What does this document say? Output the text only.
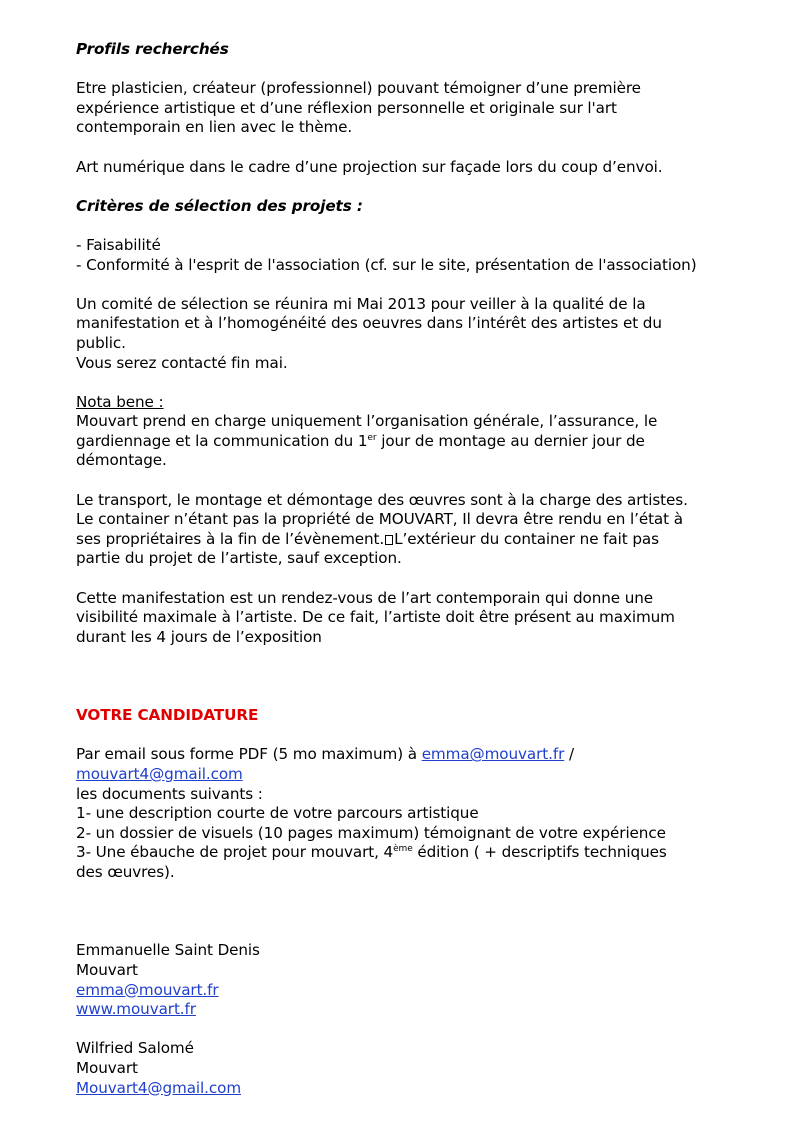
Profils recherchés

Etre plasticien, créateur (professionnel) pouvant témoigner d’une première
expérience artistique et d’une réflexion personnelle et originale sur l'art
contemporain en lien avec le thème.

Art numérique dans le cadre d’une projection sur façade lors du coup d’envoi.

Critères de sélection des projets :

- Faisabilité
- Conformité à l'esprit de l'association (cf. sur le site, présentation de l'association)

Un comité de sélection se réunira mi Mai 2013 pour veiller à la qualité de la
manifestation et à l’homogénéité des oeuvres dans l’intérêt des artistes et du
public.
Vous serez contacté fin mai.

Nota bene :

Mouvart prend en charge uniquement l’organisation générale, l’assurance, le
gardiennage et la communication du 1er jour de montage au dernier jour de
démontage.

Le transport, le montage et démontage des œuvres sont à la charge des artistes.
Le container n’étant pas la propriété de MOUVART, Il devra être rendu en l’état à
ses propriétaires à la fin de l’évènement. L’extérieur du container ne fait pas
partie du projet de l’artiste, sauf exception.

Cette manifestation est un rendez-vous de l’art contemporain qui donne une
visibilité maximale à l’artiste. De ce fait, l’artiste doit être présent au maximum
durant les 4 jours de l’exposition

VOTRE CANDIDATURE

Par email sous forme PDF (5 mo maximum) à emma@mouvart.fr /
mouvart4@gmail.com
les documents suivants :
1- une description courte de votre parcours artistique
2- un dossier de visuels (10 pages maximum) témoignant de votre expérience
3- Une ébauche de projet pour mouvart, 4ème édition ( + descriptifs techniques
des œuvres).

Emmanuelle Saint Denis
Mouvart
emma@mouvart.fr
www.mouvart.fr

Wilfried Salomé
Mouvart
Mouvart4@gmail.com
